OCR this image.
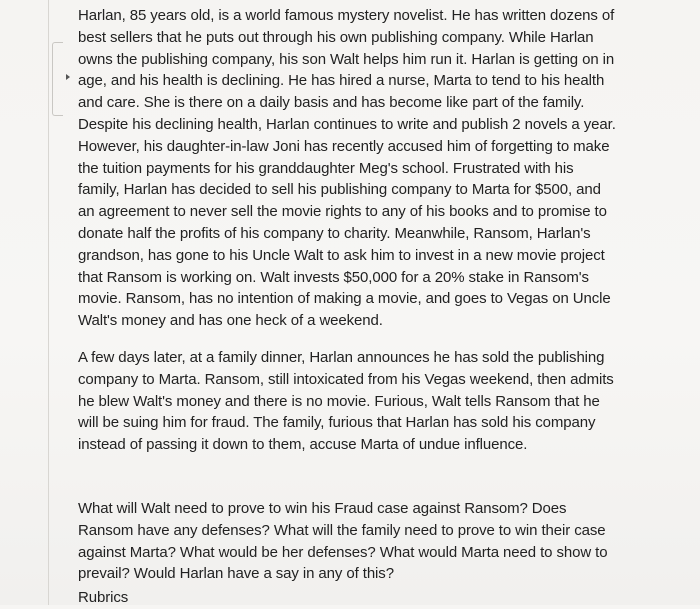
Harlan, 85 years old, is a world famous mystery novelist. He has written dozens of
best sellers that he puts out through his own publishing company. While Harlan
owns the publishing company, his son Walt helps him run it. Harlan is getting on in
age, and his health is declining. He has hired a nurse, Marta to tend to his health
and care. She is there on a daily basis and has become like part of the family.
Despite his declining health, Harlan continues to write and publish 2 novels a year.
However, his daughter-in-law Joni has recently accused him of forgetting to make
the tuition payments for his granddaughter Meg's school. Frustrated with his
family, Harlan has decided to sell his publishing company to Marta for $500, and
an agreement to never sell the movie rights to any of his books and to promise to
donate half the profits of his company to charity. Meanwhile, Ransom, Harlan's
grandson, has gone to his Uncle Walt to ask him to invest in a new movie project
that Ransom is working on. Walt invests $50,000 for a 20% stake in Ransom's
movie. Ransom, has no intention of making a movie, and goes to Vegas on Uncle
Walt's money and has one heck of a weekend.

A few days later, at a family dinner, Harlan announces he has sold the publishing
company to Marta. Ransom, still intoxicated from his Vegas weekend, then admits
he blew Walt's money and there is no movie. Furious, Walt tells Ransom that he
will be suing him for fraud. The family, furious that Harlan has sold his company
instead of passing it down to them, accuse Marta of undue influence.

What will Walt need to prove to win his Fraud case against Ransom? Does
Ransom have any defenses? What will the family need to prove to win their case
against Marta? What would be her defenses? What would Marta need to show to
prevail? Would Harlan have a say in any of this?

Rubrics
